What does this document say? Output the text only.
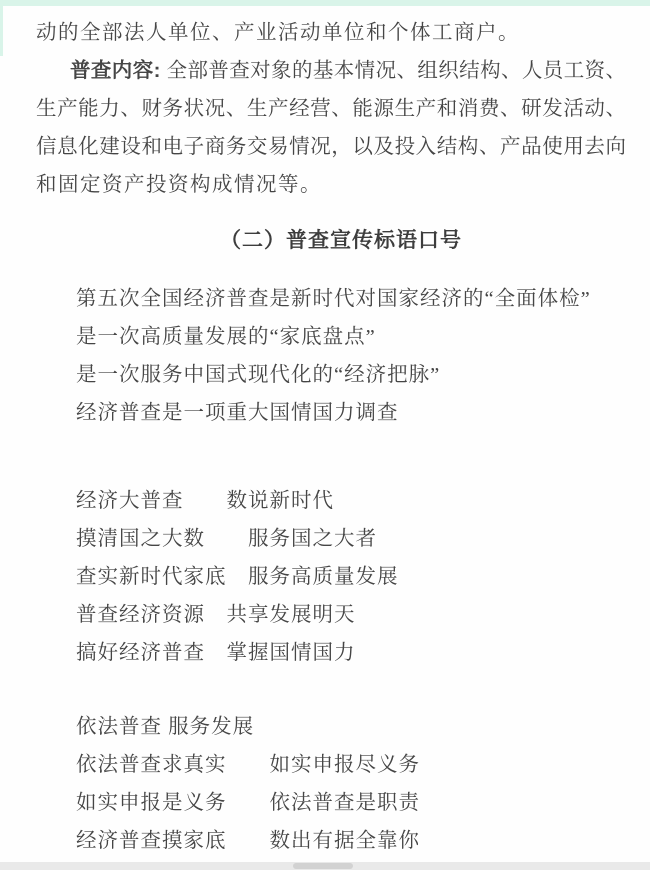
动的全部法人单位、产业活动单位和个体工商户。
普查内容: 全部普查对象的基本情况、组织结构、人员工资、
生产能力、财务状况、生产经营、能源生产和消费、研发活动、
信息化建设和电子商务交易情况，以及投入结构、产品使用去向
和固定资产投资构成情况等。
（二）普查宣传标语口号
第五次全国经济普查是新时代对国家经济的“全面体检”
是一次高质量发展的“家底盘点”
是一次服务中国式现代化的“经济把脉”
经济普查是一项重大国情国力调查
经济大普查　　数说新时代
摸清国之大数　　服务国之大者
查实新时代家底　服务高质量发展
普查经济资源　共享发展明天
搞好经济普查　掌握国情国力
依法普查 服务发展
依法普查求真实　　如实申报尽义务
如实申报是义务　　依法普查是职责
经济普查摸家底　　数出有据全靠你
